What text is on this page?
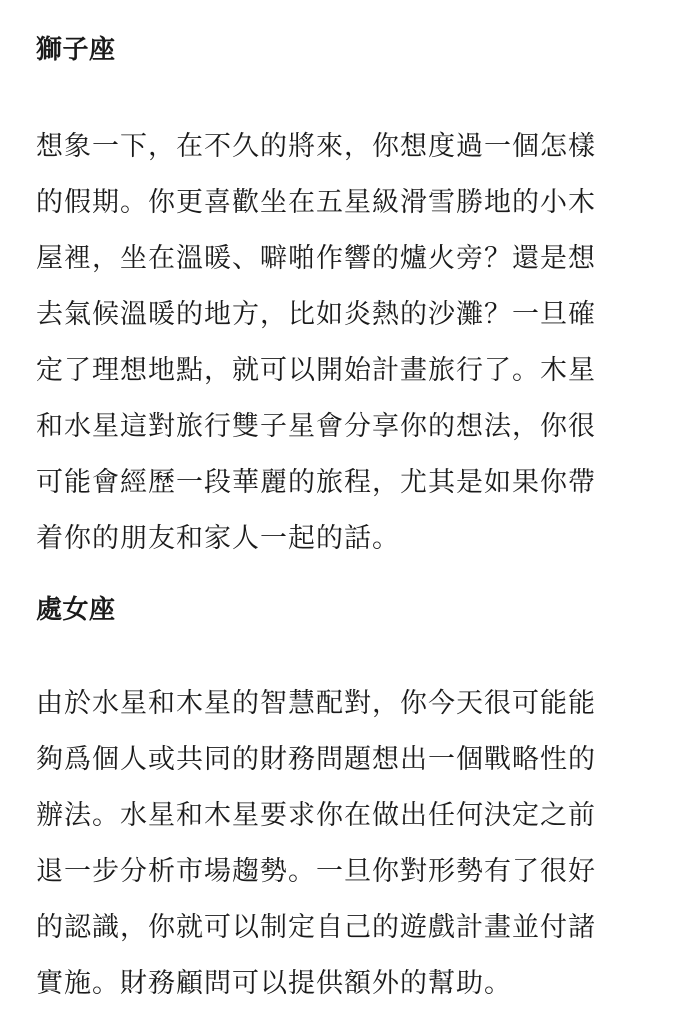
獅子座
想象一下，在不久的將來，你想度過一個怎樣
的假期。你更喜歡坐在五星級滑雪勝地的小木
屋裡，坐在溫暖、噼啪作響的爐火旁？還是想
去氣候溫暖的地方，比如炎熱的沙灘？一旦確
定了理想地點，就可以開始計畫旅行了。木星
和水星這對旅行雙子星會分享你的想法，你很
可能會經歷一段華麗的旅程，尤其是如果你帶
着你的朋友和家人一起的話。
處女座
由於水星和木星的智慧配對，你今天很可能能
夠爲個人或共同的財務問題想出一個戰略性的
辦法。水星和木星要求你在做出任何決定之前
退一步分析市場趨勢。一旦你對形勢有了很好
的認識，你就可以制定自己的遊戲計畫並付諸
實施。財務顧問可以提供額外的幫助。
